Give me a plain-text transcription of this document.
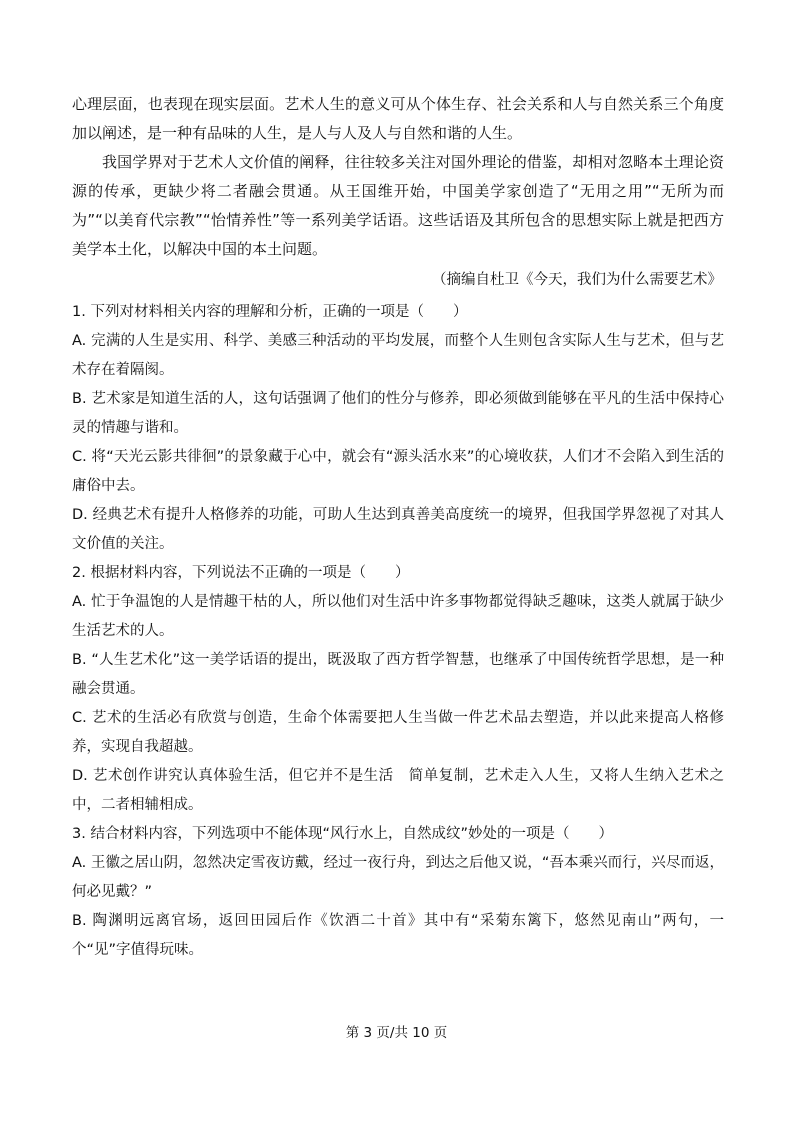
心理层面，也表现在现实层面。艺术人生的意义可从个体生存、社会关系和人与自然关系三个角度加以阐述，是一种有品味的人生，是人与人及人与自然和谐的人生。

我国学界对于艺术人文价值的阐释，往往较多关注对国外理论的借鉴，却相对忽略本土理论资源的传承，更缺少将二者融会贯通。从王国维开始，中国美学家创造了“无用之用”“无所为而为”“以美育代宗教”“怡情养性”等一系列美学话语。这些话语及其所包含的思想实际上就是把西方美学本土化，以解决中国的本土问题。

（摘编自杜卫《今天，我们为什么需要艺术》

1. 下列对材料相关内容的理解和分析，正确的一项是（　　）

A. 完满的人生是实用、科学、美感三种活动的平均发展，而整个人生则包含实际人生与艺术，但与艺术存在着隔阂。

B. 艺术家是知道生活的人，这句话强调了他们的性分与修养，即必须做到能够在平凡的生活中保持心灵的情趣与谐和。

C. 将“天光云影共徘徊”的景象藏于心中，就会有“源头活水来”的心境收获，人们才不会陷入到生活的庸俗中去。

D. 经典艺术有提升人格修养的功能，可助人生达到真善美高度统一的境界，但我国学界忽视了对其人文价值的关注。

2. 根据材料内容，下列说法不正确的一项是（　　）

A. 忙于争温饱的人是情趣干枯的人，所以他们对生活中许多事物都觉得缺乏趣味，这类人就属于缺少生活艺术的人。

B. “人生艺术化”这一美学话语的提出，既汲取了西方哲学智慧，也继承了中国传统哲学思想，是一种融会贯通。

C. 艺术的生活必有欣赏与创造，生命个体需要把人生当做一件艺术品去塑造，并以此来提高人格修养，实现自我超越。

D. 艺术创作讲究认真体验生活，但它并不是生活　简单复制，艺术走入人生，又将人生纳入艺术之中，二者相辅相成。

3. 结合材料内容，下列选项中不能体现“风行水上，自然成纹”妙处的一项是（　　）

A. 王徽之居山阴，忽然决定雪夜访戴，经过一夜行舟，到达之后他又说，“吾本乘兴而行，兴尽而返，何必见戴？”

B. 陶渊明远离官场，返回田园后作《饮酒二十首》其中有“采菊东篱下，悠然见南山”两句，一个“见”字值得玩味。

第 3 页/共 10 页
